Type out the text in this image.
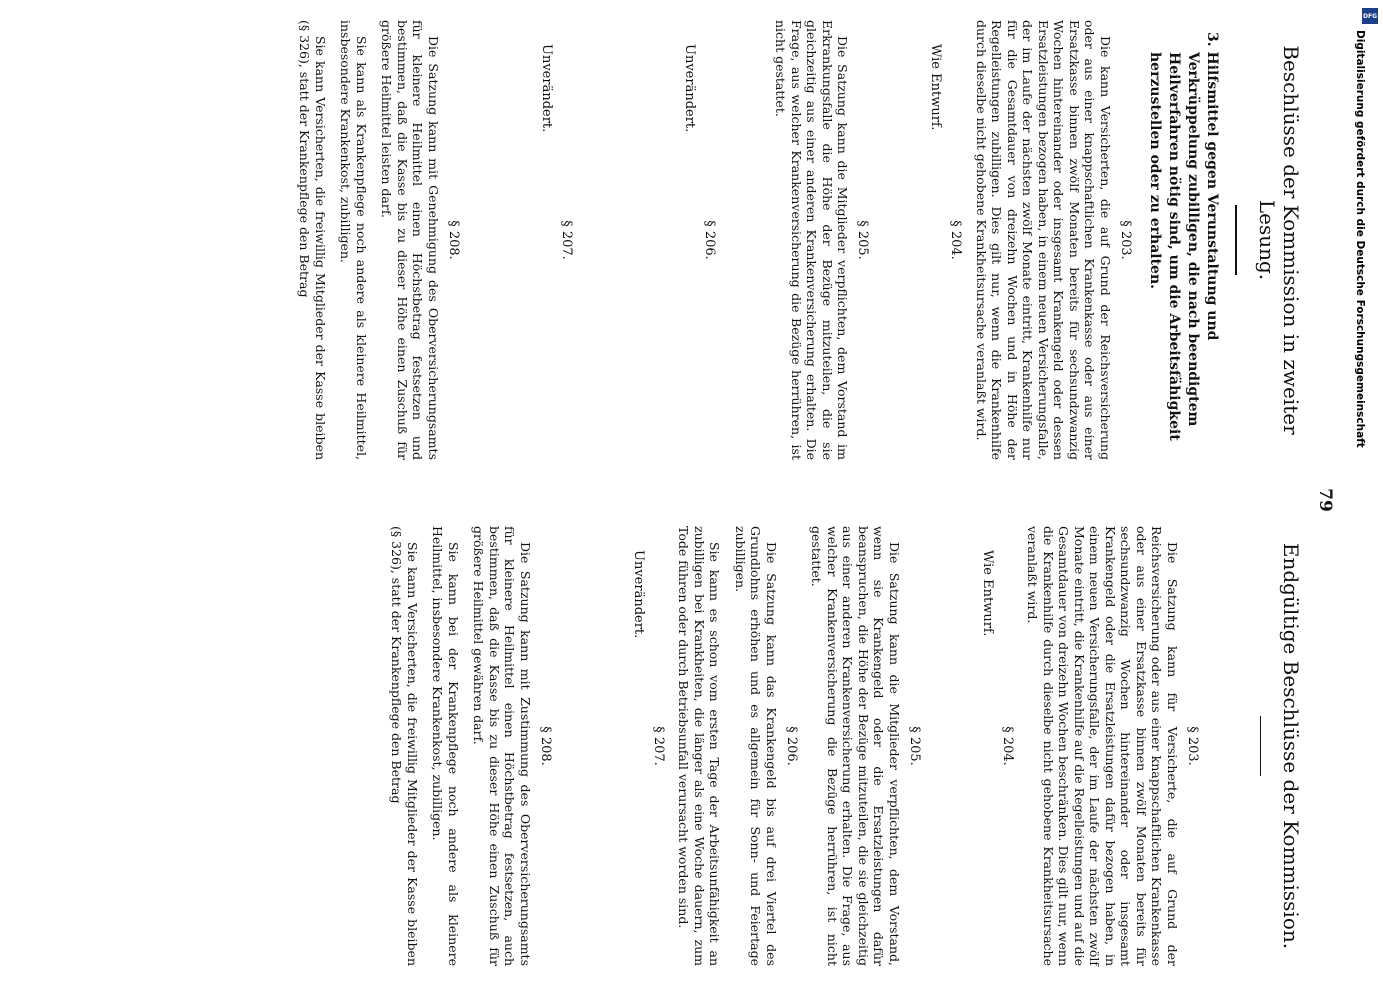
79
Beschlüsse der Kommission in zweiter Lesung.
3. Hilfsmittel gegen Verunstaltung und Verkrüppelung zubilligen, die nach beendigtem Heilverfahren nötig sind, um die Arbeitsfähigkeit herzustellen oder zu erhalten.
§ 203.

Die kann Versicherten, die auf Grund der Reichsversicherung oder aus einer knappschaftlichen Krankenkasse oder aus einer Ersatzkasse binnen zwölf Monaten bereits für sechsundzwanzig Wochen hintereinander oder insgesamt Krankengeld oder dessen Ersatzleistungen bezogen haben, in einem neuen Versicherungsfalle, der im Laufe der nächsten zwölf Monate eintritt, Krankenhilfe nur für die Gesamtdauer von dreizehn Wochen und in Höhe der Regelleistungen zubilligen. Dies gilt nur, wenn die Krankenhilfe durch dieselbe nicht gehobene Krankheitsursache veranlaßt wird.

§ 204.
Wie Entwurf.
§ 205.

Die Satzung kann die Mitglieder verpflichten, dem Vorstand im Erkrankungsfalle die Höhe der Bezüge mitzuteilen, die sie gleichzeitig aus einer anderen Krankenversicherung erhalten. Die Frage, aus welcher Krankenversicherung die Bezüge herrühren, ist nicht gestattet.

§ 206.
Unverändert.
§ 207.
Unverändert.
§ 208.

Die Satzung kann mit Genehmigung des Oberversicherungsamts für kleinere Heilmittel einen Höchstbetrag festsetzen und bestimmen, daß die Kasse bis zu dieser Höhe einen Zuschuß für größere Heilmittel leisten darf.

Sie kann als Krankenpflege noch andere als kleinere Heilmittel, insbesondere Krankenkost, zubilligen.

Sie kann Versicherten, die freiwillig Mitglieder der Kasse bleiben (§ 326), statt der Krankenpflege den Betrag

Endgültige Beschlüsse der Kommission.
§ 203.

Die Satzung kann für Versicherte, die auf Grund der Reichsversicherung oder aus einer knappschaftlichen Krankenkasse oder aus einer Ersatzkasse binnen zwölf Monaten bereits für sechsundzwanzig Wochen hintereinander oder insgesamt Krankengeld oder die Ersatzleistungen dafür bezogen haben, in einem neuen Versicherungsfalle, der im Laufe der nächsten zwölf Monate eintritt, die Krankenhilfe auf die Regelleistungen und auf die Gesamtdauer von dreizehn Wochen beschränken. Dies gilt nur, wenn die Krankenhilfe durch dieselbe nicht gehobene Krankheitsursache veranlaßt wird.

§ 204.
Wie Entwurf.
§ 205.

Die Satzung kann die Mitglieder verpflichten, dem Vorstand, wenn sie Krankengeld oder die Ersatzleistungen dafür beanspruchen, die Höhe der Bezüge mitzuteilen, die sie gleichzeitig aus einer anderen Krankenversicherung erhalten. Die Frage, aus welcher Krankenversicherung die Bezüge herrühren, ist nicht gestattet.

§ 206.

Die Satzung kann das Krankengeld bis auf drei Viertel des Grundlohns erhöhen und es allgemein für Sonn- und Feiertage zubilligen.

Sie kann es schon vom ersten Tage der Arbeitsunfähigkeit an zubilligen bei Krankheiten, die länger als eine Woche dauern, zum Tode führen oder durch Betriebsunfall verursacht worden sind.

§ 207.
Unverändert.
§ 208.

Die Satzung kann mit Zustimmung des Oberversicherungsamts für kleinere Heilmittel einen Höchstbetrag festsetzen, auch bestimmen, daß die Kasse bis zu dieser Höhe einen Zuschuß für größere Heilmittel gewähren darf.

Sie kann bei der Krankenpflege noch andere als kleinere Heilmittel, insbesondere Krankenkost, zubilligen.

Sie kann Versicherten, die freiwillig Mitglieder der Kasse bleiben (§ 326), statt der Krankenpflege den Betrag

DFG
Digitalisierung gefördert durch die Deutsche Forschungsgemeinschaft
